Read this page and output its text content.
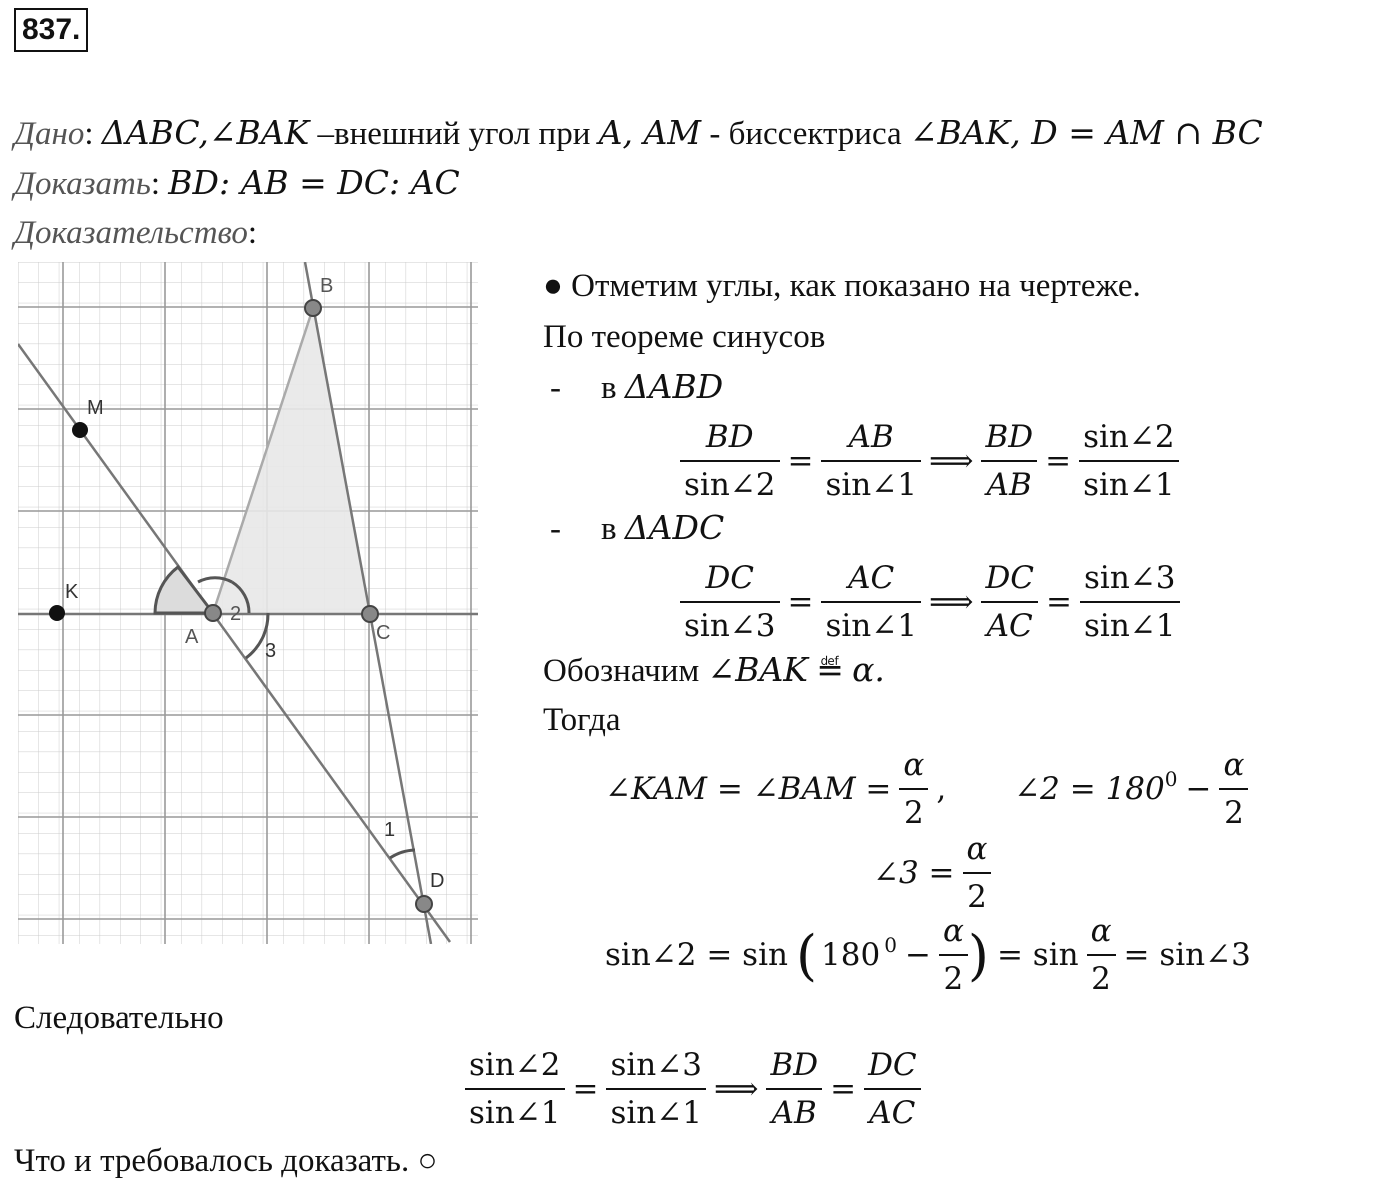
837.
Дано: ΔABC,∠BAK –внешний угол при A, AM - биссектриса ∠BAK, D = AM ∩ BC
Доказать: BD: AB = DC: AC
Доказательство:
B
M
K
A	C
D
1
2
3
● Отметим углы, как показано на чертеже.
По теореме синусов
- в ΔABD
$\frac{BD}{\sin\angle 2} = \frac{AB}{\sin\angle 1}$ ⟹ $\frac{BD}{AB} = \frac{\sin\angle 2}{\sin\angle 1}$
- в ΔADC
$\frac{DC}{\sin\angle 3} = \frac{AC}{\sin\angle 1}$ ⟹ $\frac{DC}{AC} = \frac{\sin\angle 3}{\sin\angle 1}$
Обозначим ∠BAK ≝ α.
Тогда
∠KAM = ∠BAM = $\frac{\alpha}{2}$ ,	∠2 = 180 $0 - \frac{\alpha}{2}$
∠3 = $\frac{\alpha}{2}$
sin∠2 = sin ( 180 $0 - \frac{\alpha}{2}$ ) = $\sin \frac{\alpha}{2}$ = sin∠3
Следовательно
$\frac{\sin\angle 2}{\sin\angle 1} = \frac{\sin\angle 3}{\sin\angle 1}$ ⟹ $\frac{BD}{AB} = \frac{DC}{AC}$
Что и требовалось доказать. ○
